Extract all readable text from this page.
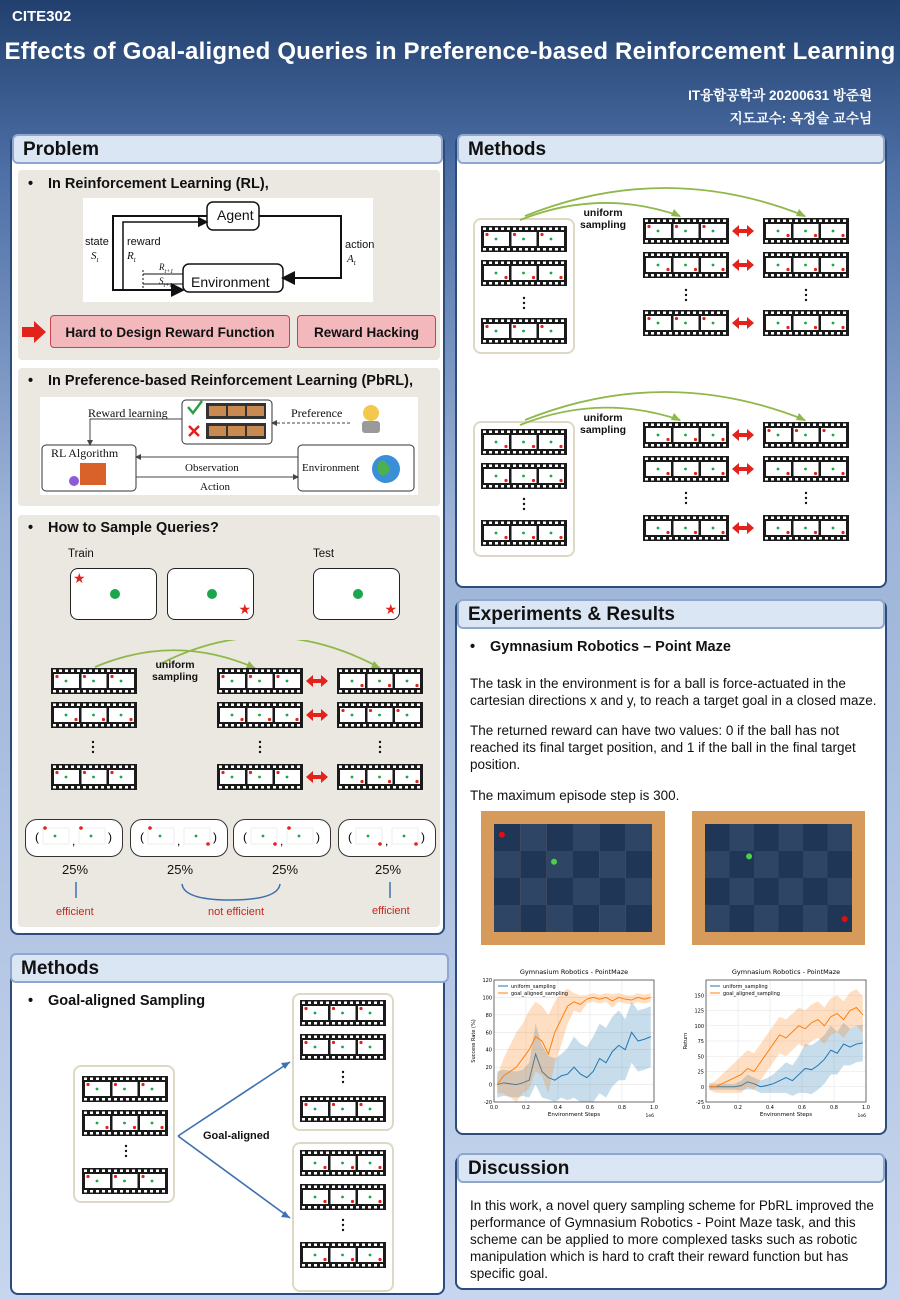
CITE302
Effects of Goal-aligned Queries in Preference-based Reinforcement Learning
IT융합공학과 20200631 방준원
지도교수: 옥정슬 교수님
Problem
• In Reinforcement Learning (RL),
Agent
Environment
state
$S_t$
reward
$R_t$
action
$A_t$
$R_{t+1}$
$S_{t+1}$
Hard to Design Reward Function	Reward Hacking
• In Preference-based Reinforcement Learning (PbRL),
Reward learning	Preference
RL Algorithm
Observation
Action
Environment
• How to Sample Queries?
Train	Test
★
★	★
uniform
sampling
(	)
,	(	)
,	(	)
,	(	)
,
25%	25%	25%	25%
efficient	not efficient	efficient
Methods
• Goal-aligned Sampling
Goal-aligned
Methods
uniform
sampling
uniform
sampling
Experiments & Results
• Gymnasium Robotics – Point Maze
The task in the environment is for a ball is force-actuated in the cartesian directions x and y, to reach a target goal in a closed maze.
The returned reward can have two values: 0 if the ball has not reached its final target position, and 1 if the ball in the final target position.
The maximum episode step is 300.
Gymnasium Robotics - PointMaze
-20
0
20
40
60
80
100
120
0.0	0.2	0.4	0.6	0.8	1.0
Environment Steps	1e6
Success Rate (%)
uniform_sampling
goal_aligned_sampling
Gymnasium Robotics - PointMaze
-25
0
25
50
75
100
125
150
0.0	0.2	0.4	0.6	0.8	1.0
Environment Steps	1e6
Return
uniform_sampling
goal_aligned_sampling
Discussion
In this work, a novel query sampling scheme for PbRL improved the performance of Gymnasium Robotics - Point Maze task, and this scheme can be applied to more complexed tasks such as robotic manipulation which is hard to craft their reward function but has specific goal.
